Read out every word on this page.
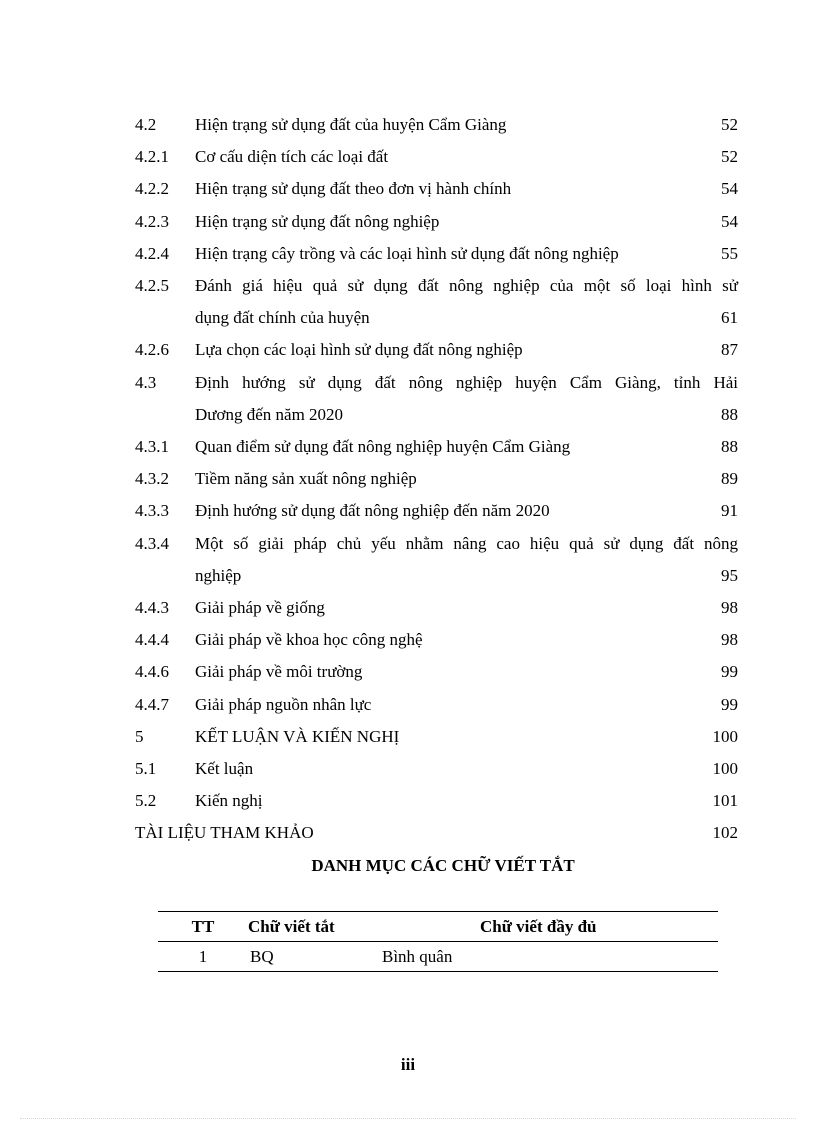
4.2	Hiện trạng sử dụng đất của huyện Cẩm Giàng	52
4.2.1	Cơ cấu diện tích các loại đất	52
4.2.2	Hiện trạng sử dụng đất theo đơn vị hành chính	54
4.2.3	Hiện trạng sử dụng đất nông nghiệp	54
4.2.4	Hiện trạng cây trồng và các loại hình sử dụng đất nông nghiệp	55
4.2.5	Đánh giá hiệu quả sử dụng đất nông nghiệp của một số loại hình sử
dụng đất chính của huyện	61
4.2.6	Lựa chọn các loại hình sử dụng đất nông nghiệp	87
4.3	Định hướng sử dụng đất nông nghiệp huyện Cẩm Giàng, tỉnh Hải
Dương đến năm 2020	88
4.3.1	Quan điểm sử dụng đất nông nghiệp huyện Cẩm Giàng	88
4.3.2	Tiềm năng sản xuất nông nghiệp	89
4.3.3	Định hướng sử dụng đất nông nghiệp đến năm 2020	91
4.3.4	Một số giải pháp chủ yếu nhằm nâng cao hiệu quả sử dụng đất nông
nghiệp	95
4.4.3	Giải pháp về giống	98
4.4.4	Giải pháp về khoa học công nghệ	98
4.4.6	Giải pháp về môi trường	99
4.4.7	Giải pháp nguồn nhân lực	99
5	KẾT LUẬN VÀ KIẾN NGHỊ	100
5.1	Kết luận	100
5.2	Kiến nghị	101
TÀI LIỆU THAM KHẢO	102
DANH MỤC CÁC CHỮ VIẾT TẮT
TT	Chữ viết tắt	Chữ viết đầy đủ
1	BQ	Bình quân
iii
